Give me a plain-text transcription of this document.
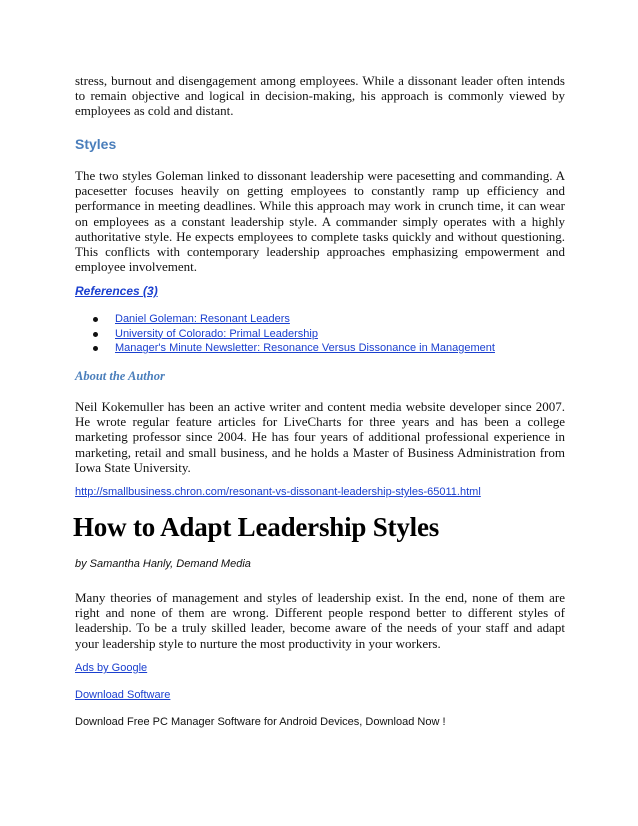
stress, burnout and disengagement among employees. While a dissonant leader often intends to remain objective and logical in decision-making, his approach is commonly viewed by employees as cold and distant.

Styles

The two styles Goleman linked to dissonant leadership were pacesetting and commanding. A pacesetter focuses heavily on getting employees to constantly ramp up efficiency and performance in meeting deadlines. While this approach may work in crunch time, it can wear on employees as a constant leadership style. A commander simply operates with a highly authoritative style. He expects employees to complete tasks quickly and without questioning. This conflicts with contemporary leadership approaches emphasizing empowerment and employee involvement.

References (3)
Daniel Goleman: Resonant Leaders
University of Colorado: Primal Leadership
Manager's Minute Newsletter: Resonance Versus Dissonance in Management
About the Author

Neil Kokemuller has been an active writer and content media website developer since 2007. He wrote regular feature articles for LiveCharts for three years and has been a college marketing professor since 2004. He has four years of additional professional experience in marketing, retail and small business, and he holds a Master of Business Administration from Iowa State University.

http://smallbusiness.chron.com/resonant-vs-dissonant-leadership-styles-65011.html
How to Adapt Leadership Styles

by Samantha Hanly, Demand Media

Many theories of management and styles of leadership exist. In the end, none of them are right and none of them are wrong. Different people respond better to different styles of leadership. To be a truly skilled leader, become aware of the needs of your staff and adapt your leadership style to nurture the most productivity in your workers.

Ads by Google
Download Software

Download Free PC Manager Software for Android Devices, Download Now !
